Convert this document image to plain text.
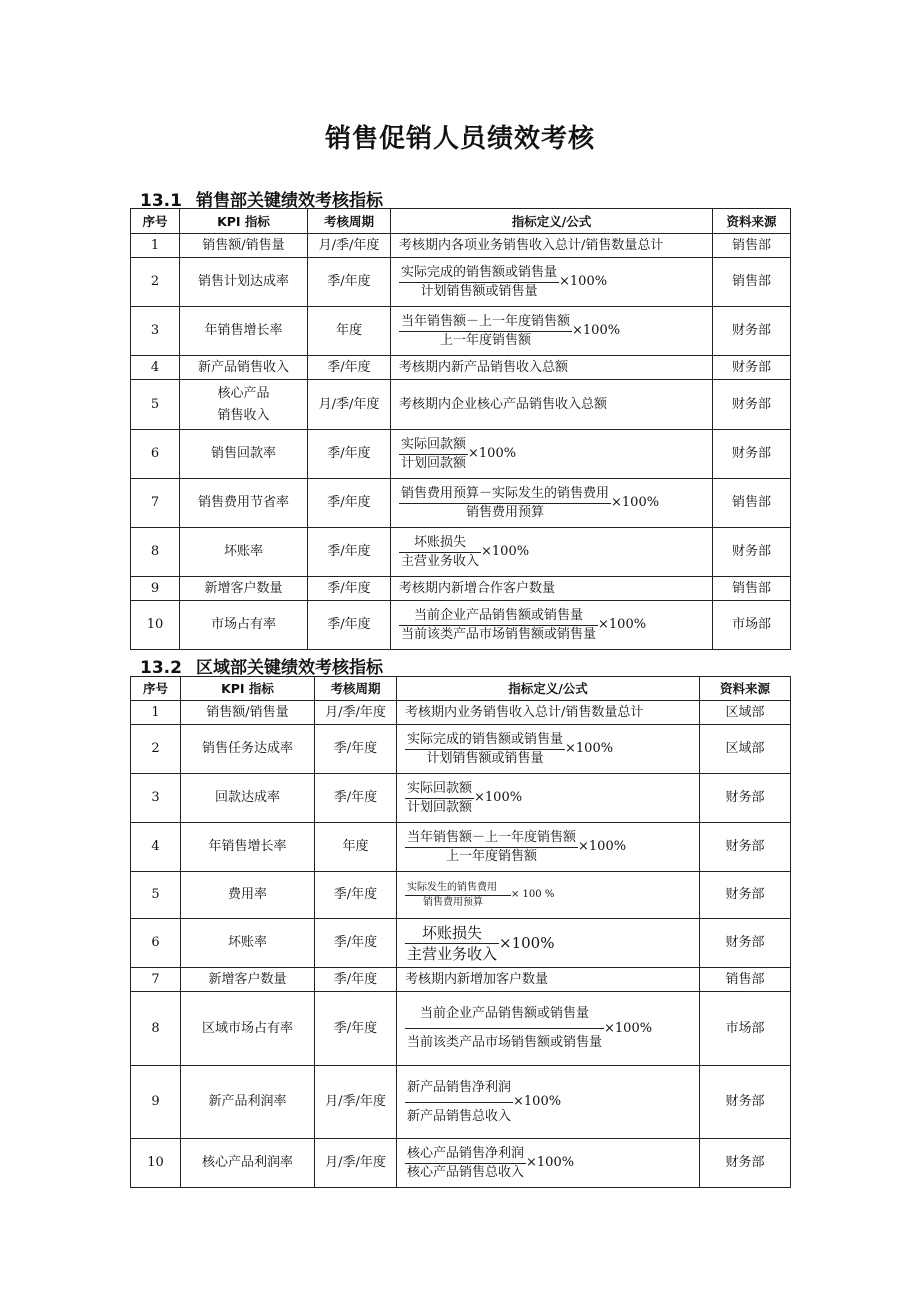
销售促销人员绩效考核
13.1 销售部关键绩效考核指标
序号	KPI 指标	考核周期	指标定义/公式	资料来源
1	销售额/销售量	月/季/年度	考核期内各项业务销售收入总计/销售数量总计	销售部
2	销售计划达成率	季/年度	$\frac{\text{实际完成的销售额或销售量}}{\text{计划销售额或销售量}} \times 100\%$	销售部
3	年销售增长率	年度	$\frac{\text{当年销售额－上一年度销售额}}{\text{上一年度销售额}} \times 100\%$	财务部
4	新产品销售收入	季/年度	考核期内新产品销售收入总额	财务部
5	核心产品
销售收入	月/季/年度	考核期内企业核心产品销售收入总额	财务部
6	销售回款率	季/年度	$\frac{\text{实际回款额}}{\text{计划回款额}} \times 100\%$	财务部
7	销售费用节省率	季/年度	$\frac{\text{销售费用预算－实际发生的销售费用}}{\text{销售费用预算}} \times 100\%$	销售部
8	坏账率	季/年度	$\frac{\text{坏账损失}}{\text{主营业务收入}} \times 100\%$	财务部
9	新增客户数量	季/年度	考核期内新增合作客户数量	销售部
10	市场占有率	季/年度	$\frac{\text{当前企业产品销售额或销售量}}{\text{当前该类产品市场销售额或销售量}} \times 100\%$	市场部
13.2 区域部关键绩效考核指标
序号	KPI 指标	考核周期	指标定义/公式	资料来源
1	销售额/销售量	月/季/年度	考核期内业务销售收入总计/销售数量总计	区域部
2	销售任务达成率	季/年度	$\frac{\text{实际完成的销售额或销售量}}{\text{计划销售额或销售量}} \times 100\%$	区域部
3	回款达成率	季/年度	$\frac{\text{实际回款额}}{\text{计划回款额}} \times 100\%$	财务部
4	年销售增长率	年度	$\frac{\text{当年销售额－上一年度销售额}}{\text{上一年度销售额}} \times 100\%$	财务部
5	费用率	季/年度	$\frac{\text{实际发生的销售费用}}{\text{销售费用预算}} \times 100$ %	财务部
6	坏账率	季/年度	$\frac{\text{坏账损失}}{\text{主营业务收入}} \times 100\%$	财务部
7	新增客户数量	季/年度	考核期内新增加客户数量	销售部
8	区域市场占有率	季/年度	$\frac{\text{当前企业产品销售额或销售量}}{\text{当前该类产品市场销售额或销售量}} \times 100\%$	市场部
9	新产品利润率	月/季/年度	$\frac{\text{新产品销售净利润}}{\text{新产品销售总收入}} \times 100\%$	财务部
10	核心产品利润率	月/季/年度	$\frac{\text{核心产品销售净利润}}{\text{核心产品销售总收入}} \times 100\%$	财务部
